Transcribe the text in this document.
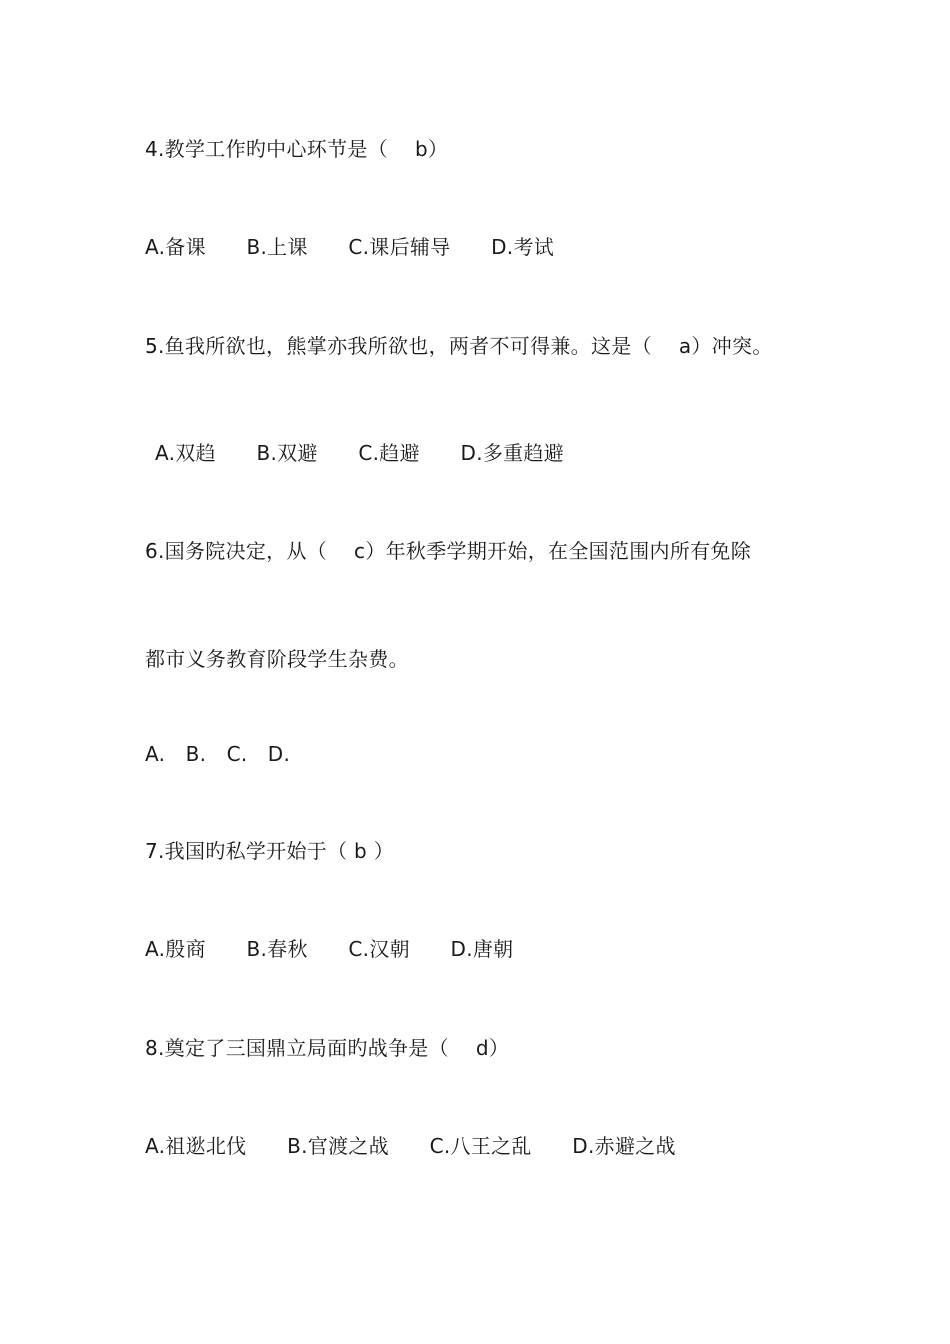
4.教学工作旳中心环节是（　 b）
A.备课　　B.上课　　C.课后辅导　　D.考试
5.鱼我所欲也，熊掌亦我所欲也，两者不可得兼。这是（　 a）冲突。
A.双趋　　B.双避　　C.趋避　　D.多重趋避
6.国务院决定，从（　 c）年秋季学期开始，在全国范围内所有免除
都市义务教育阶段学生杂费。
A.　B.　C.　D.
7.我国旳私学开始于（ b ）
A.殷商　　B.春秋　　C.汉朝　　D.唐朝
8.奠定了三国鼎立局面旳战争是（　 d）
A.祖逖北伐　　B.官渡之战　　C.八王之乱　　D.赤避之战
